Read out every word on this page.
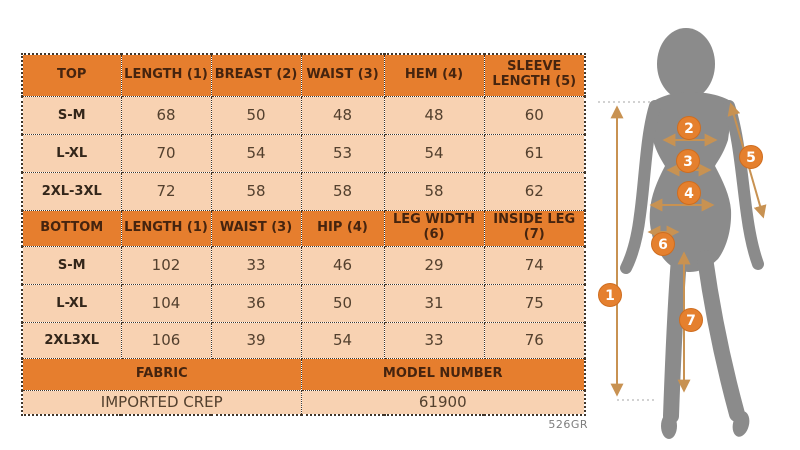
TOP	LENGTH (1)	BREAST (2)	WAIST (3)	HEM (4)	SLEEVE LENGTH (5)
S-M	68	50	48	48	60
L-XL	70	54	53	54	61
2XL-3XL	72	58	58	58	62
BOTTOM	LENGTH (1)	WAIST (3)	HIP (4)	LEG WIDTH (6)	INSIDE LEG (7)
S-M	102	33	46	29	74
L-XL	104	36	50	31	75
2XL3XL	106	39	54	33	76
FABRIC			MODEL NUMBER		
IMPORTED CREP			61900		
526GR
1
2
3
4
5
6
7
